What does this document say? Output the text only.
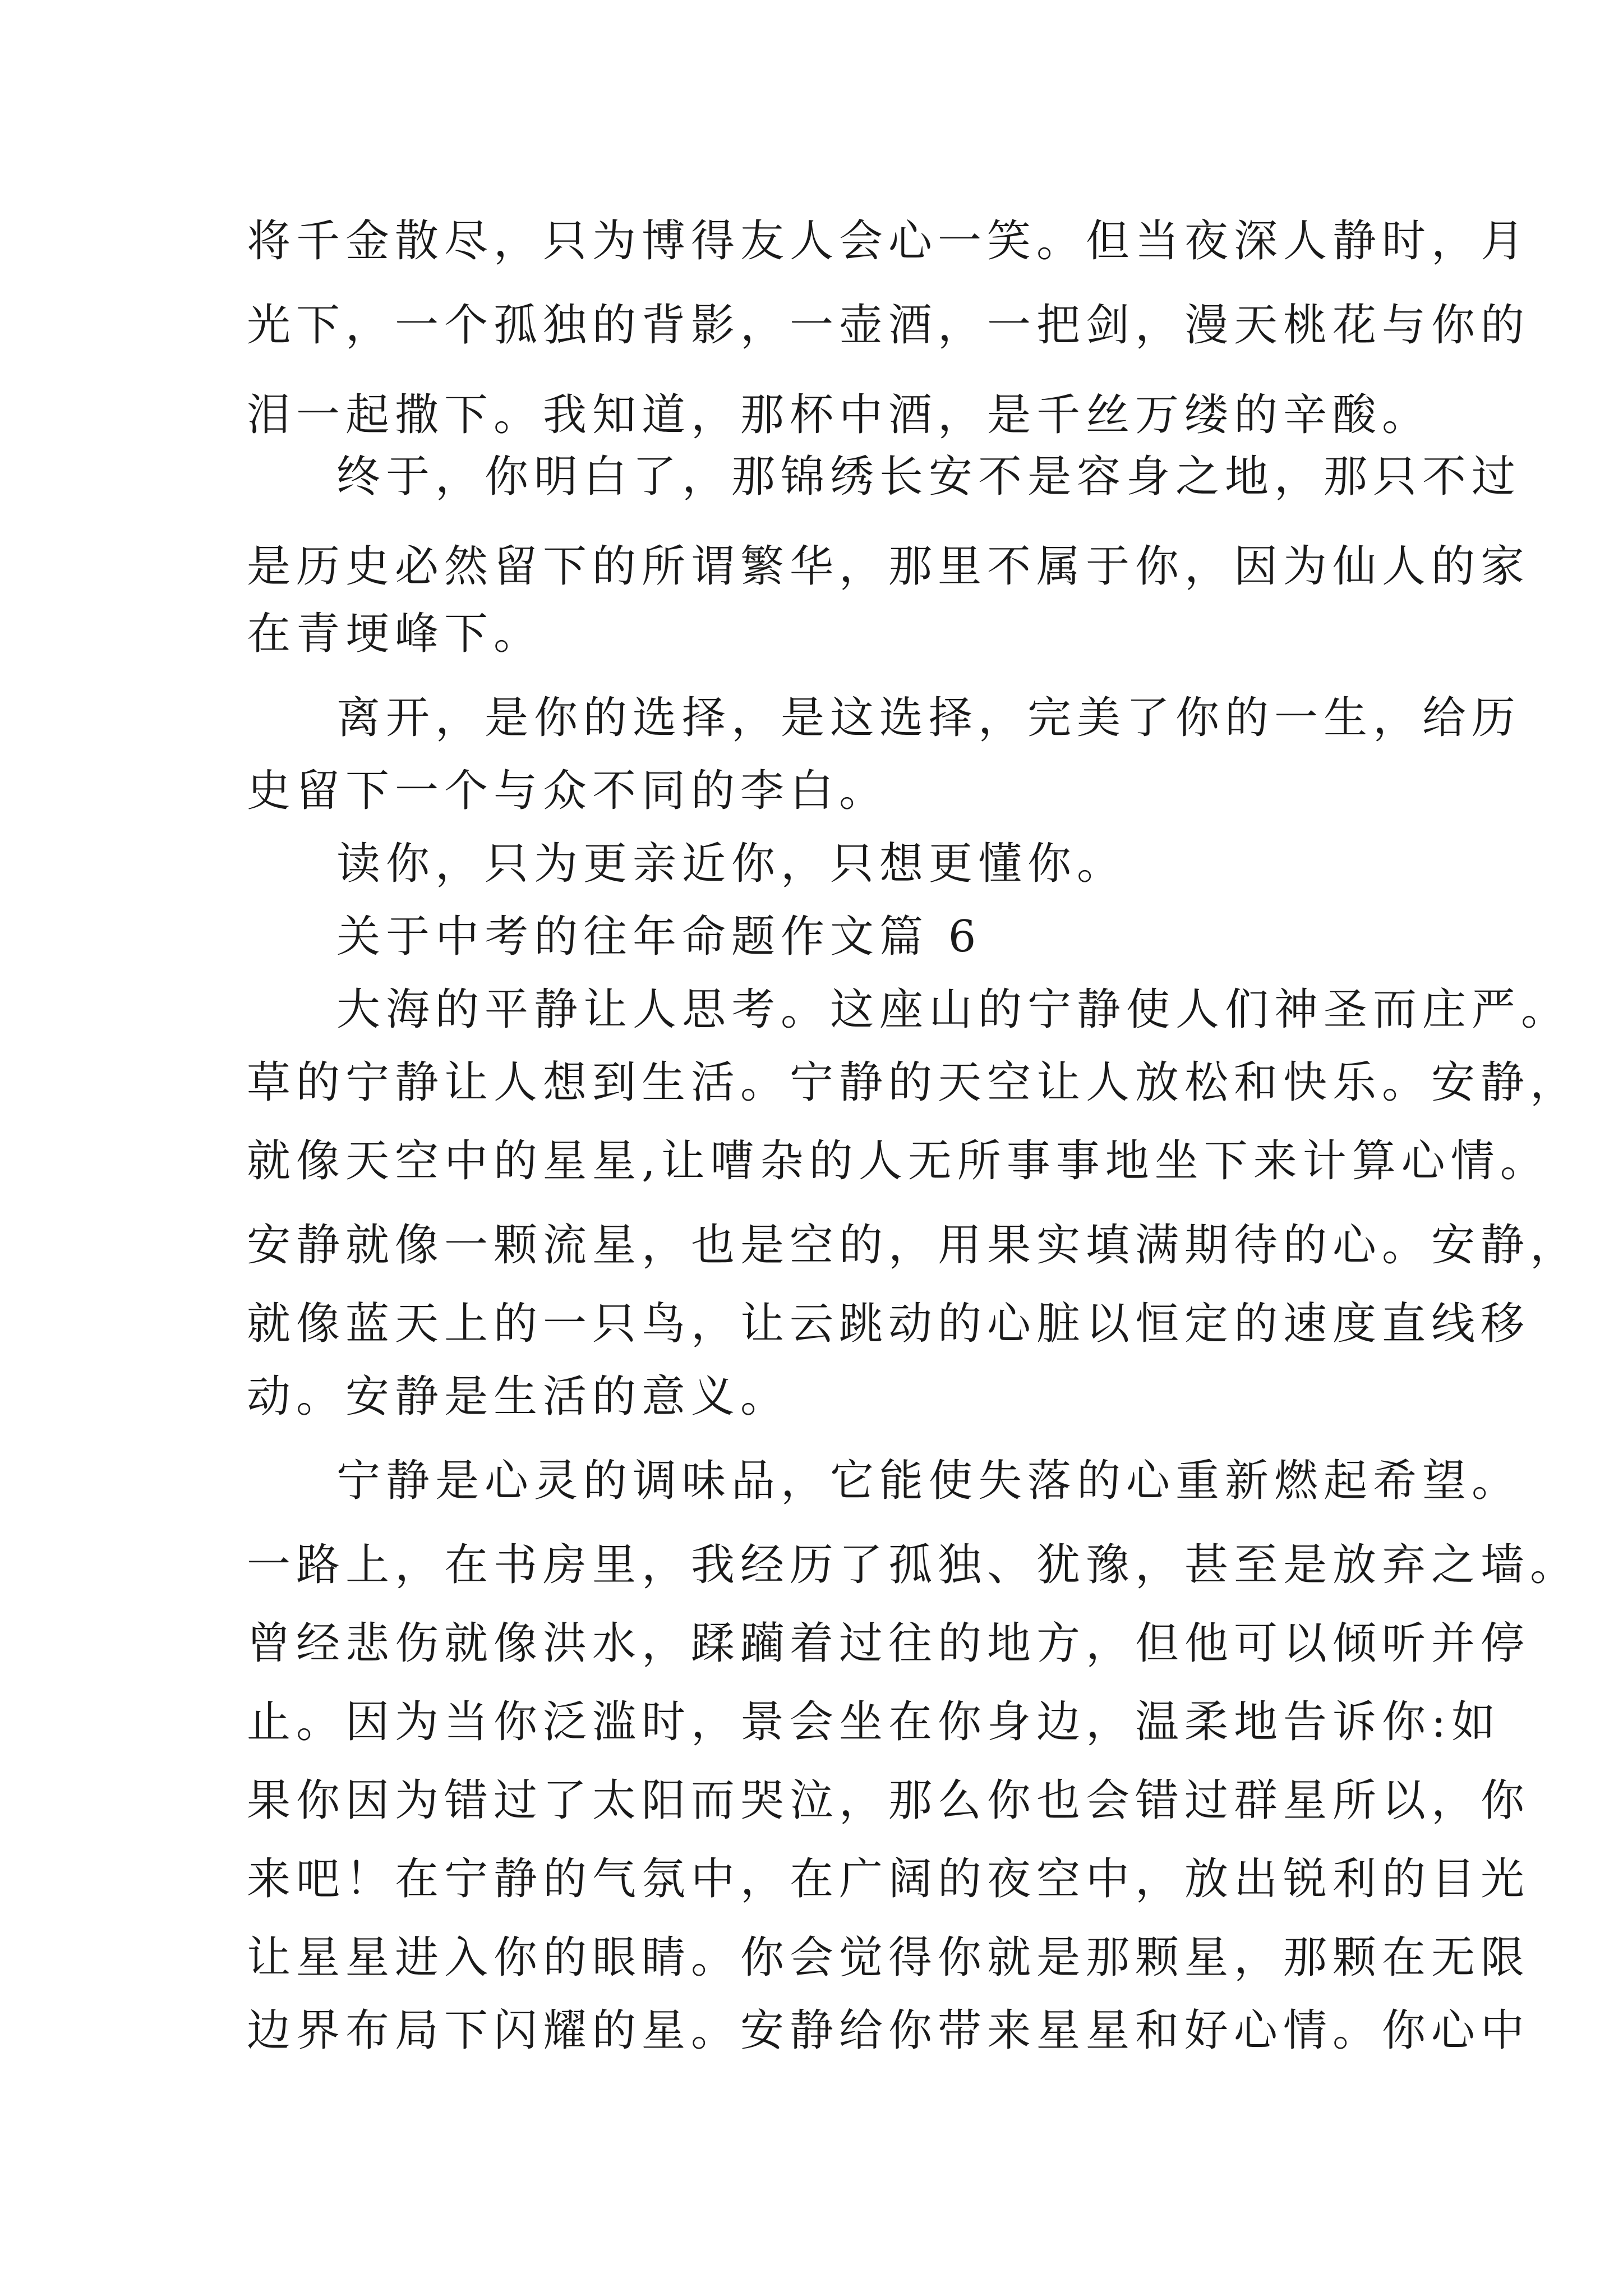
将千金散尽，只为博得友人会心一笑。但当夜深人静时，月
光下，一个孤独的背影，一壶酒，一把剑，漫天桃花与你的
泪一起撒下。我知道，那杯中酒，是千丝万缕的辛酸。
终于，你明白了，那锦绣长安不是容身之地，那只不过
是历史必然留下的所谓繁华，那里不属于你，因为仙人的家
在青埂峰下。
离开，是你的选择，是这选择，完美了你的一生，给历
史留下一个与众不同的李白。
读你，只为更亲近你，只想更懂你。
关于中考的往年命题作文篇 6
大海的平静让人思考。这座山的宁静使人们神圣而庄严。
草的宁静让人想到生活。宁静的天空让人放松和快乐。安静，
就像天空中的星星,让嘈杂的人无所事事地坐下来计算心情。
安静就像一颗流星，也是空的，用果实填满期待的心。安静，
就像蓝天上的一只鸟，让云跳动的心脏以恒定的速度直线移
动。安静是生活的意义。
宁静是心灵的调味品，它能使失落的心重新燃起希望。
一路上，在书房里，我经历了孤独、犹豫，甚至是放弃之墙。
曾经悲伤就像洪水，蹂躏着过往的地方，但他可以倾听并停
止。因为当你泛滥时，景会坐在你身边，温柔地告诉你:如
果你因为错过了太阳而哭泣，那么你也会错过群星所以，你
来吧！在宁静的气氛中，在广阔的夜空中，放出锐利的目光
让星星进入你的眼睛。你会觉得你就是那颗星，那颗在无限
边界布局下闪耀的星。安静给你带来星星和好心情。你心中
